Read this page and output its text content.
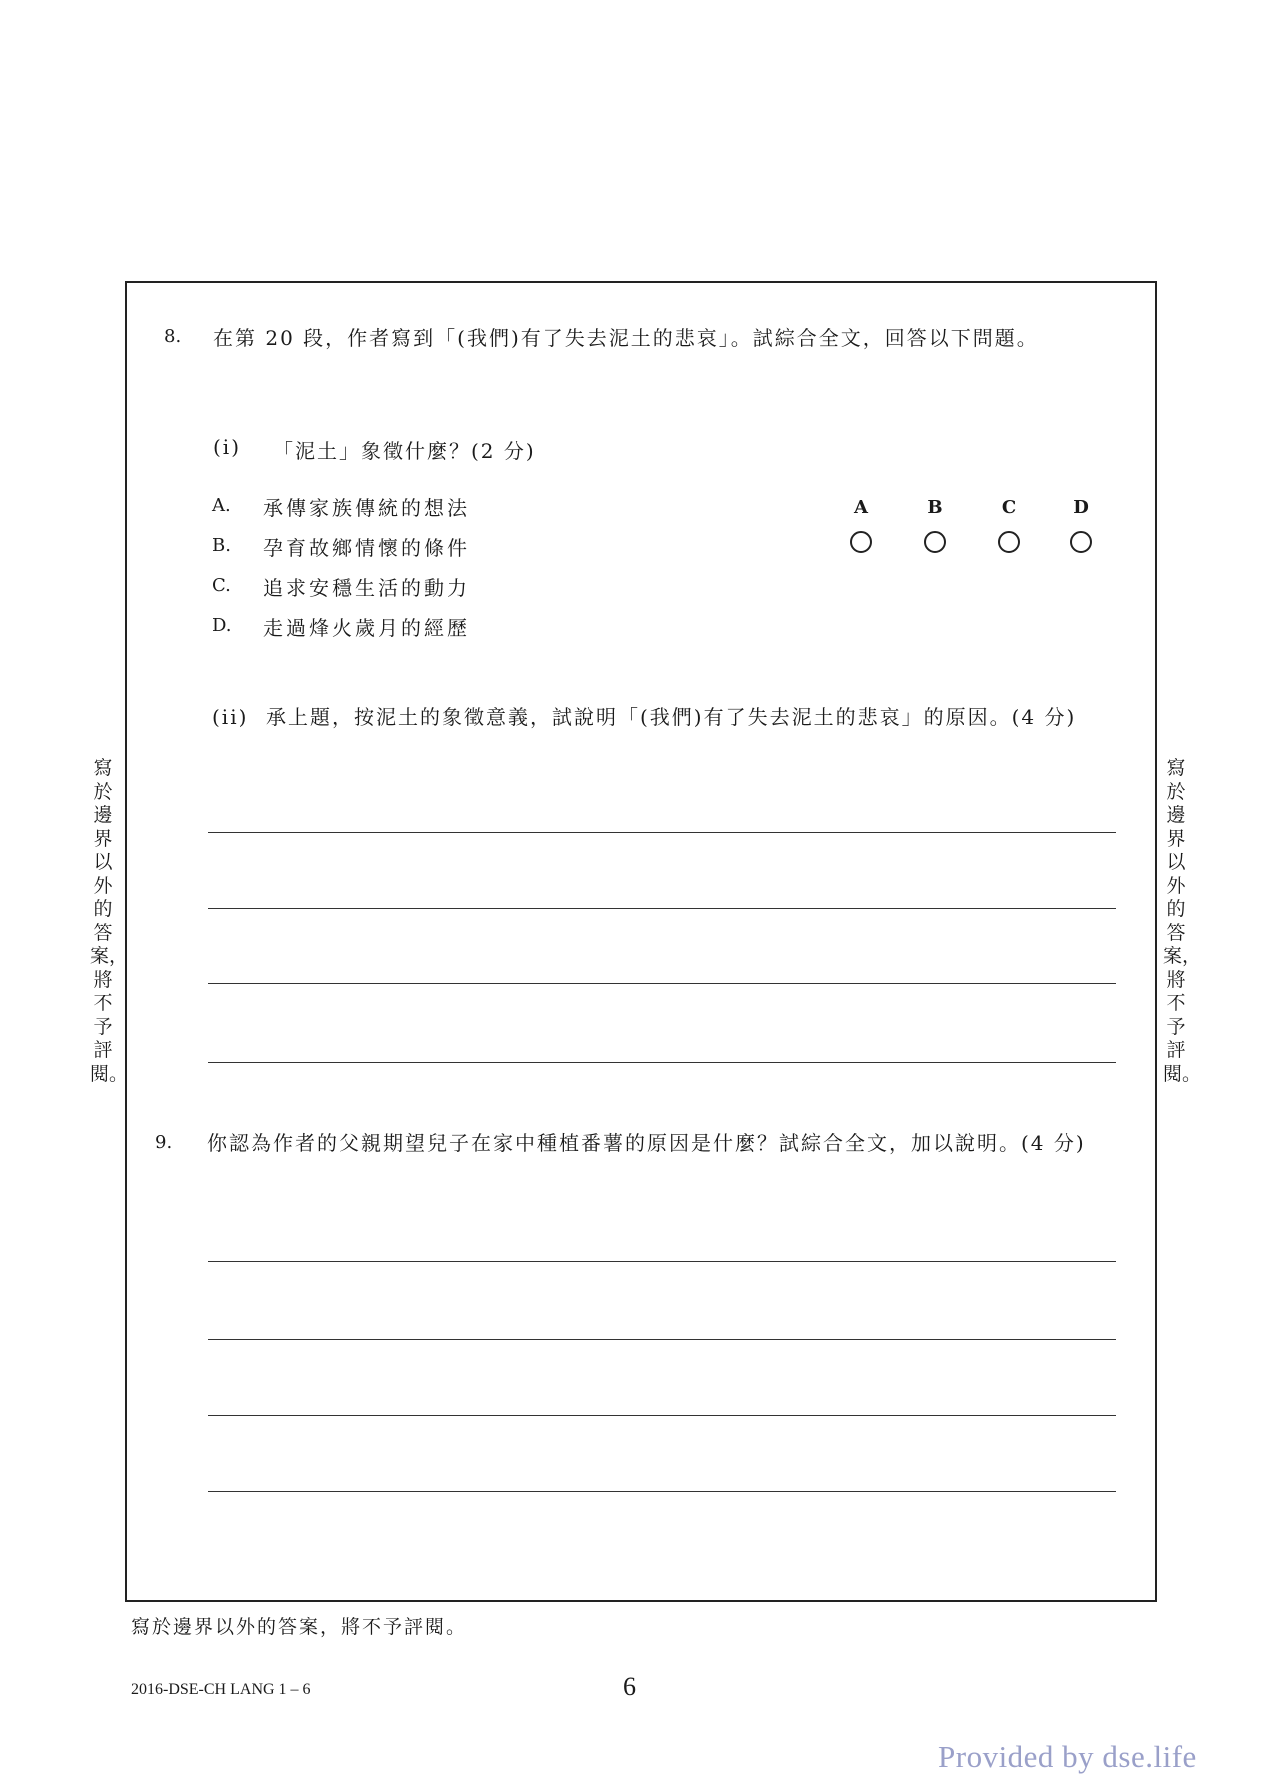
寫於邊界以外的答案，將不予評閱。
寫於邊界以外的答案，將不予評閱。
8. 在第 20 段，作者寫到「(我們)有了失去泥土的悲哀」。試綜合全文，回答以下問題。
(i) 「泥土」象徵什麼？(2 分)
A. 承傳家族傳統的想法
B. 孕育故鄉情懷的條件
C. 追求安穩生活的動力
D. 走過烽火歲月的經歷
A	B	C	D
(ii) 承上題，按泥土的象徵意義，試說明「(我們)有了失去泥土的悲哀」的原因。(4 分)
9. 你認為作者的父親期望兒子在家中種植番薯的原因是什麼？試綜合全文，加以說明。(4 分)
寫於邊界以外的答案，將不予評閱。
2016-DSE-CH LANG 1 – 6	6
Provided by dse.life
